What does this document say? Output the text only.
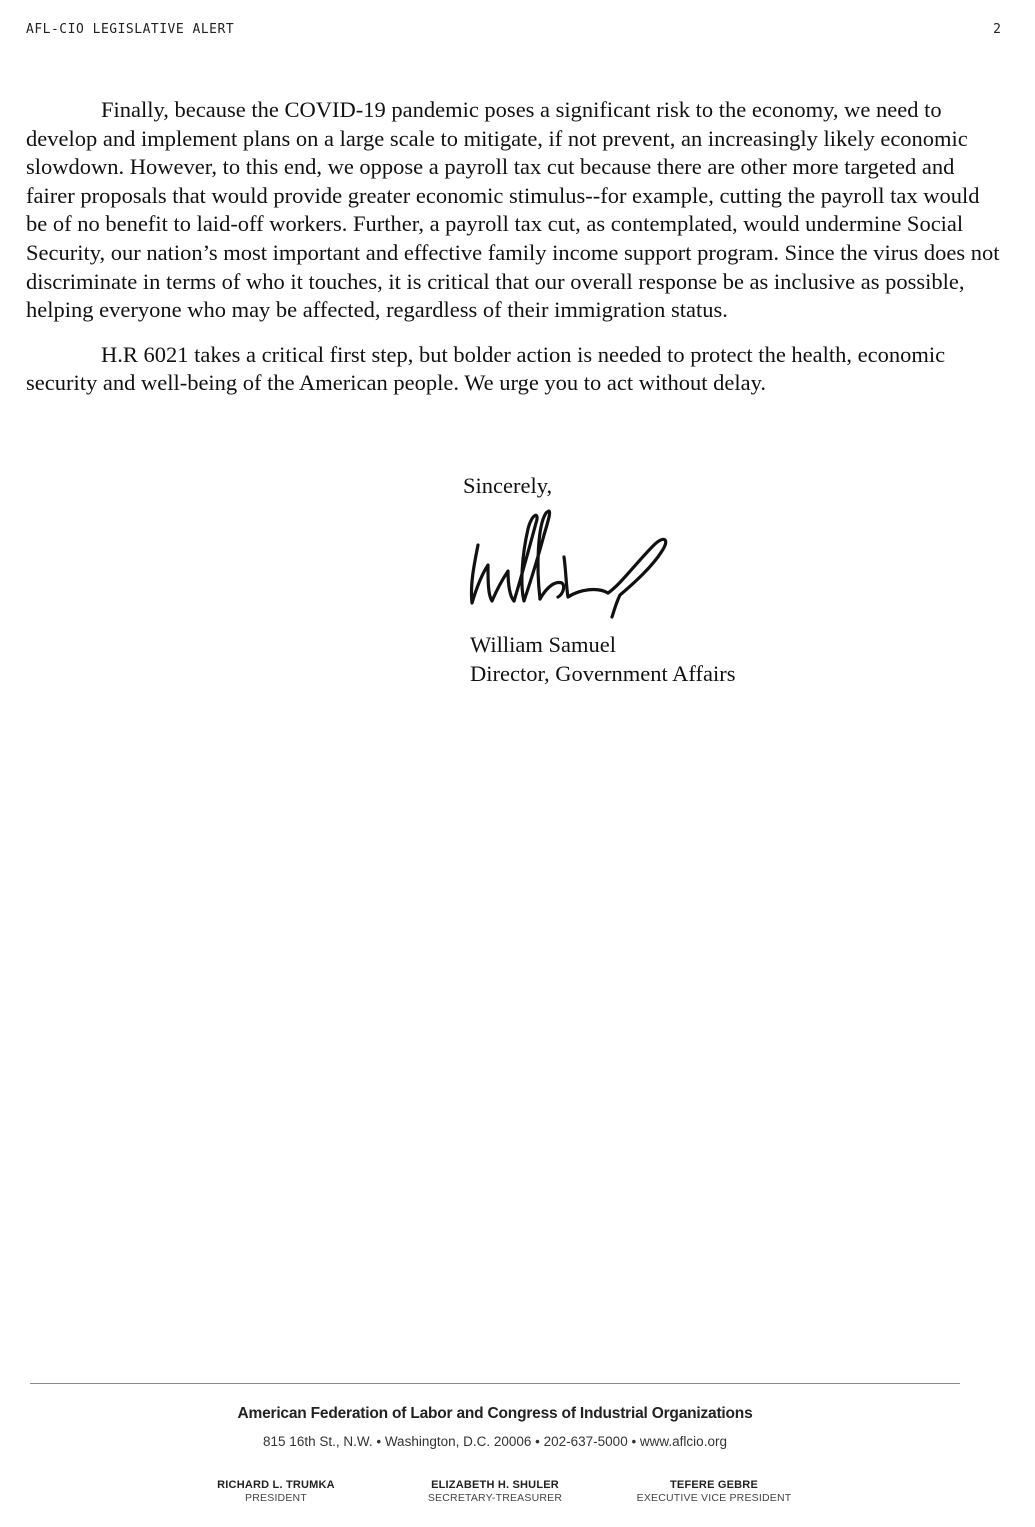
AFL-CIO LEGISLATIVE ALERT	2

Finally, because the COVID-19 pandemic poses a significant risk to the economy, we need to develop and implement plans on a large scale to mitigate, if not prevent, an increasingly likely economic slowdown. However, to this end, we oppose a payroll tax cut because there are other more targeted and fairer proposals that would provide greater economic stimulus--for example, cutting the payroll tax would be of no benefit to laid-off workers. Further, a payroll tax cut, as contemplated, would undermine Social Security, our nation’s most important and effective family income support program. Since the virus does not discriminate in terms of who it touches, it is critical that our overall response be as inclusive as possible, helping everyone who may be affected, regardless of their immigration status.

H.R 6021 takes a critical first step, but bolder action is needed to protect the health, economic security and well-being of the American people. We urge you to act without delay.

Sincerely,
William Samuel
Director, Government Affairs
American Federation of Labor and Congress of Industrial Organizations
815 16th St., N.W. • Washington, D.C. 20006 • 202-637-5000 • www.aflcio.org
RICHARD L. TRUMKA
PRESIDENT
ELIZABETH H. SHULER
SECRETARY-TREASURER
TEFERE GEBRE
EXECUTIVE VICE PRESIDENT
